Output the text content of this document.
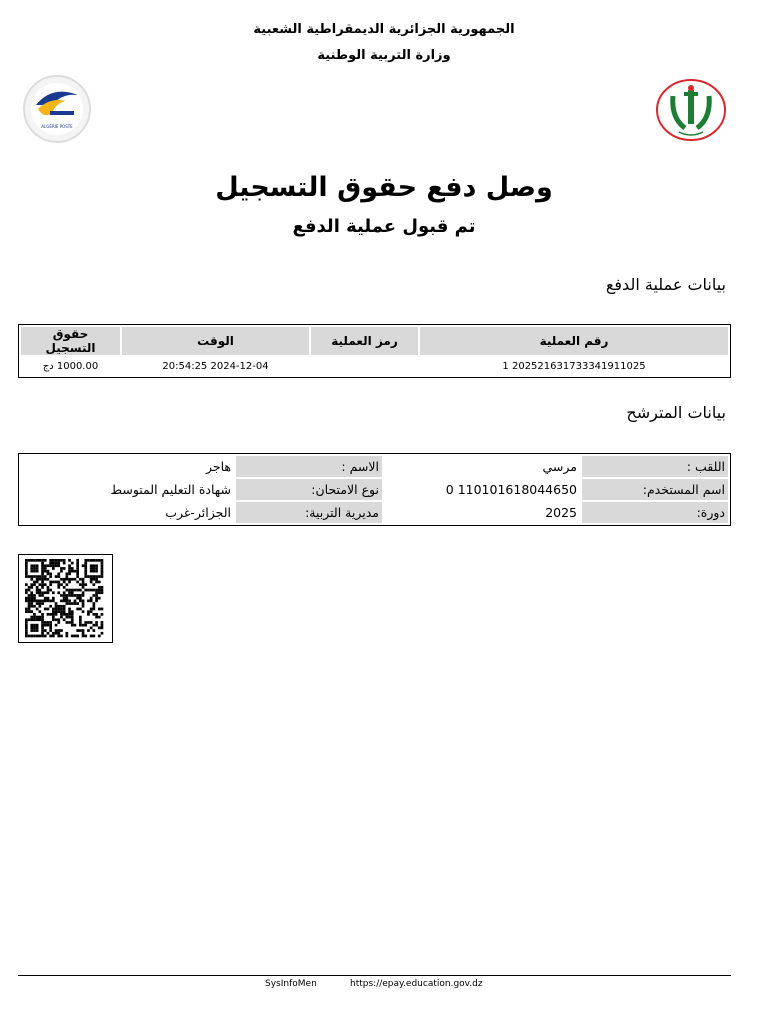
الجمهورية الجزائرية الديمقراطية الشعبية
وزارة التربية الوطنية
ALGÉRIE POSTE
وصل دفع حقوق التسجيل
تم قبول عملية الدفع
بيانات عملية الدفع
رقم العملية	رمز العملية	الوقت	حقوق التسجيل
202521631733341911025 1		2024-12-04 20:54:25	1000.00 دج
بيانات المترشح
اللقب :	مرسي	الاسم :	هاجر
اسم المستخدم:	110101618044650 0	نوع الامتحان:	شهادة التعليم المتوسط
دورة:	2025	مديرية التربية:	الجزائر-غرب
SysInfoMen	https://epay.education.gov.dz
